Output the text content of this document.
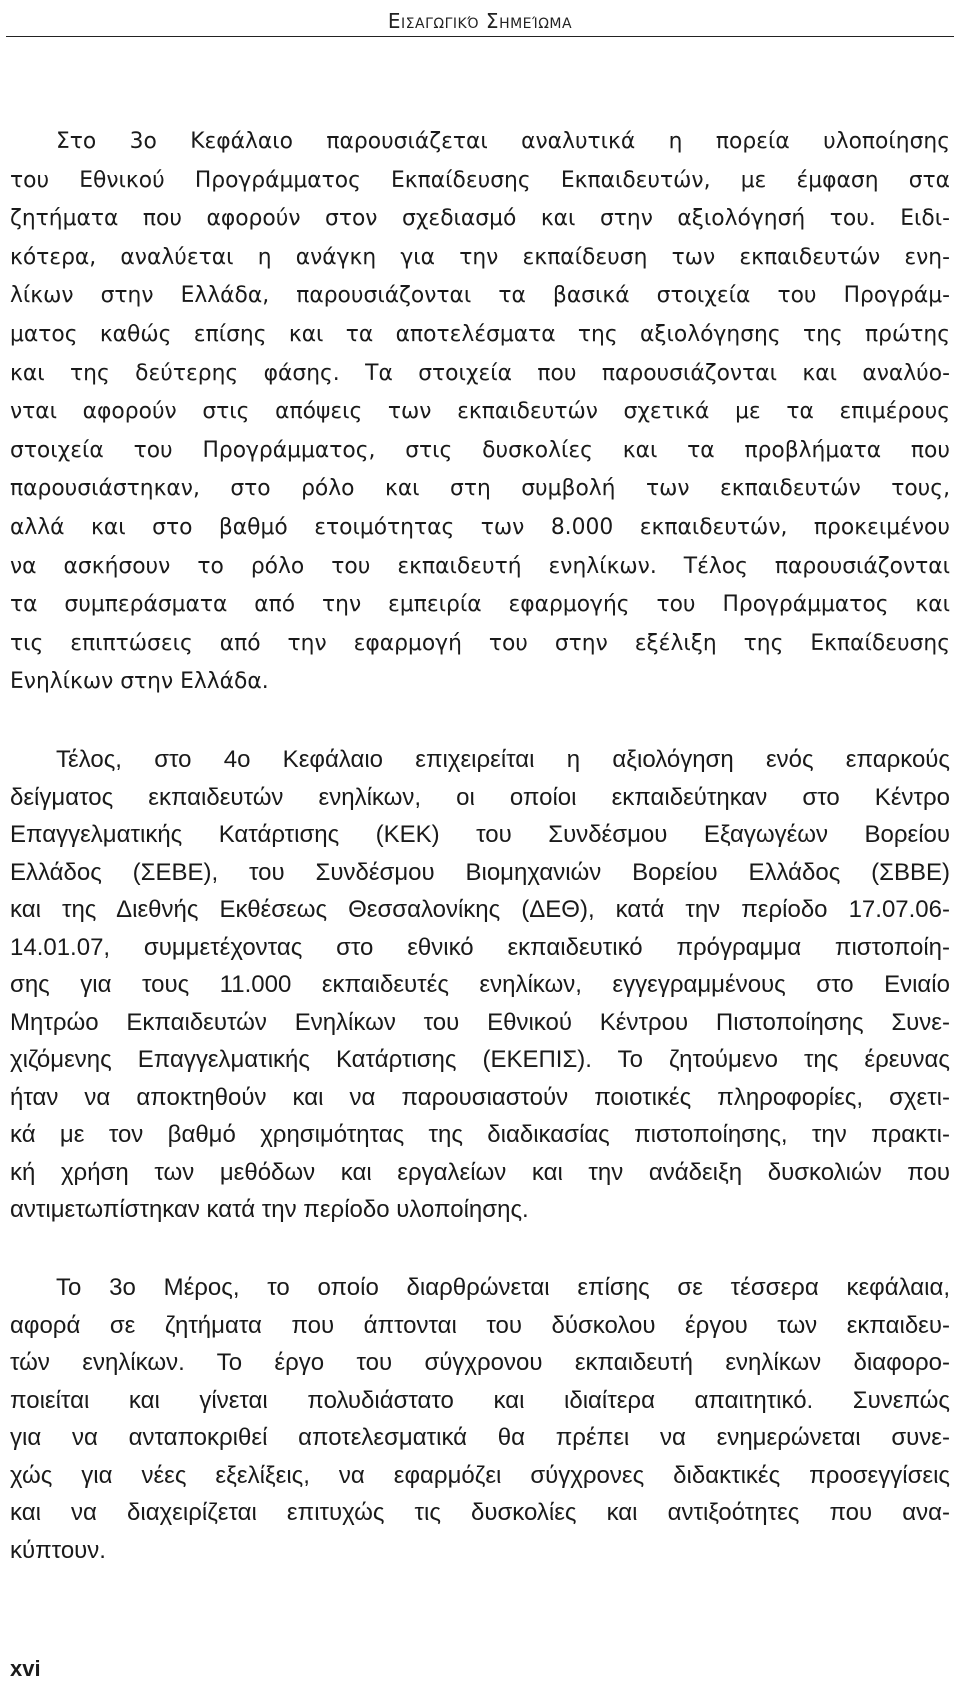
Εισαγωγικό Σημείωμα
Στο 3ο Κεφάλαιο παρουσιάζεται αναλυτικά η πορεία υλοποίησης
του Εθνικού Προγράμματος Εκπαίδευσης Εκπαιδευτών, με έμφαση στα
ζητήματα που αφορούν στον σχεδιασμό και στην αξιολόγησή του. Ειδι-
κότερα, αναλύεται η ανάγκη για την εκπαίδευση των εκπαιδευτών ενη-
λίκων στην Ελλάδα, παρουσιάζονται τα βασικά στοιχεία του Προγράμ-
ματος καθώς επίσης και τα αποτελέσματα της αξιολόγησης της πρώτης
και της δεύτερης φάσης. Τα στοιχεία που παρουσιάζονται και αναλύο-
νται αφορούν στις απόψεις των εκπαιδευτών σχετικά με τα επιμέρους
στοιχεία του Προγράμματος, στις δυσκολίες και τα προβλήματα που
παρουσιάστηκαν, στο ρόλο και στη συμβολή των εκπαιδευτών τους,
αλλά και στο βαθμό ετοιμότητας των 8.000 εκπαιδευτών, προκειμένου
να ασκήσουν το ρόλο του εκπαιδευτή ενηλίκων. Τέλος παρουσιάζονται
τα συμπεράσματα από την εμπειρία εφαρμογής του Προγράμματος και
τις επιπτώσεις από την εφαρμογή του στην εξέλιξη της Εκπαίδευσης
Ενηλίκων στην Ελλάδα.
Τέλος, στο 4ο Κεφάλαιο επιχειρείται η αξιολόγηση ενός επαρκούς
δείγματος εκπαιδευτών ενηλίκων, οι οποίοι εκπαιδεύτηκαν στο Κέντρο
Επαγγελματικής Κατάρτισης (ΚΕΚ) του Συνδέσμου Εξαγωγέων Βορείου
Ελλάδος (ΣΕΒΕ), του Συνδέσμου Βιομηχανιών Βορείου Ελλάδος (ΣΒΒΕ)
και της Διεθνής Εκθέσεως Θεσσαλονίκης (ΔΕΘ), κατά την περίοδο 17.07.06-
14.01.07, συμμετέχοντας στο εθνικό εκπαιδευτικό πρόγραμμα πιστοποίη-
σης για τους 11.000 εκπαιδευτές ενηλίκων, εγγεγραμμένους στο Ενιαίο
Μητρώο Εκπαιδευτών Ενηλίκων του Εθνικού Κέντρου Πιστοποίησης Συνε-
χιζόμενης Επαγγελματικής Κατάρτισης (ΕΚΕΠΙΣ). Το ζητούμενο της έρευνας
ήταν να αποκτηθούν και να παρουσιαστούν ποιοτικές πληροφορίες, σχετι-
κά με τον βαθμό χρησιμότητας της διαδικασίας πιστοποίησης, την πρακτι-
κή χρήση των μεθόδων και εργαλείων και την ανάδειξη δυσκολιών που
αντιμετωπίστηκαν κατά την περίοδο υλοποίησης.
Το 3ο Μέρος, το οποίο διαρθρώνεται επίσης σε τέσσερα κεφάλαια,
αφορά σε ζητήματα που άπτονται του δύσκολου έργου των εκπαιδευ-
τών ενηλίκων. Το έργο του σύγχρονου εκπαιδευτή ενηλίκων διαφορο-
ποιείται και γίνεται πολυδιάστατο και ιδιαίτερα απαιτητικό. Συνεπώς
για να ανταποκριθεί αποτελεσματικά θα πρέπει να ενημερώνεται συνε-
χώς για νέες εξελίξεις, να εφαρμόζει σύγχρονες διδακτικές προσεγγίσεις
και να διαχειρίζεται επιτυχώς τις δυσκολίες και αντιξοότητες που ανα-
κύπτουν.
xvi
